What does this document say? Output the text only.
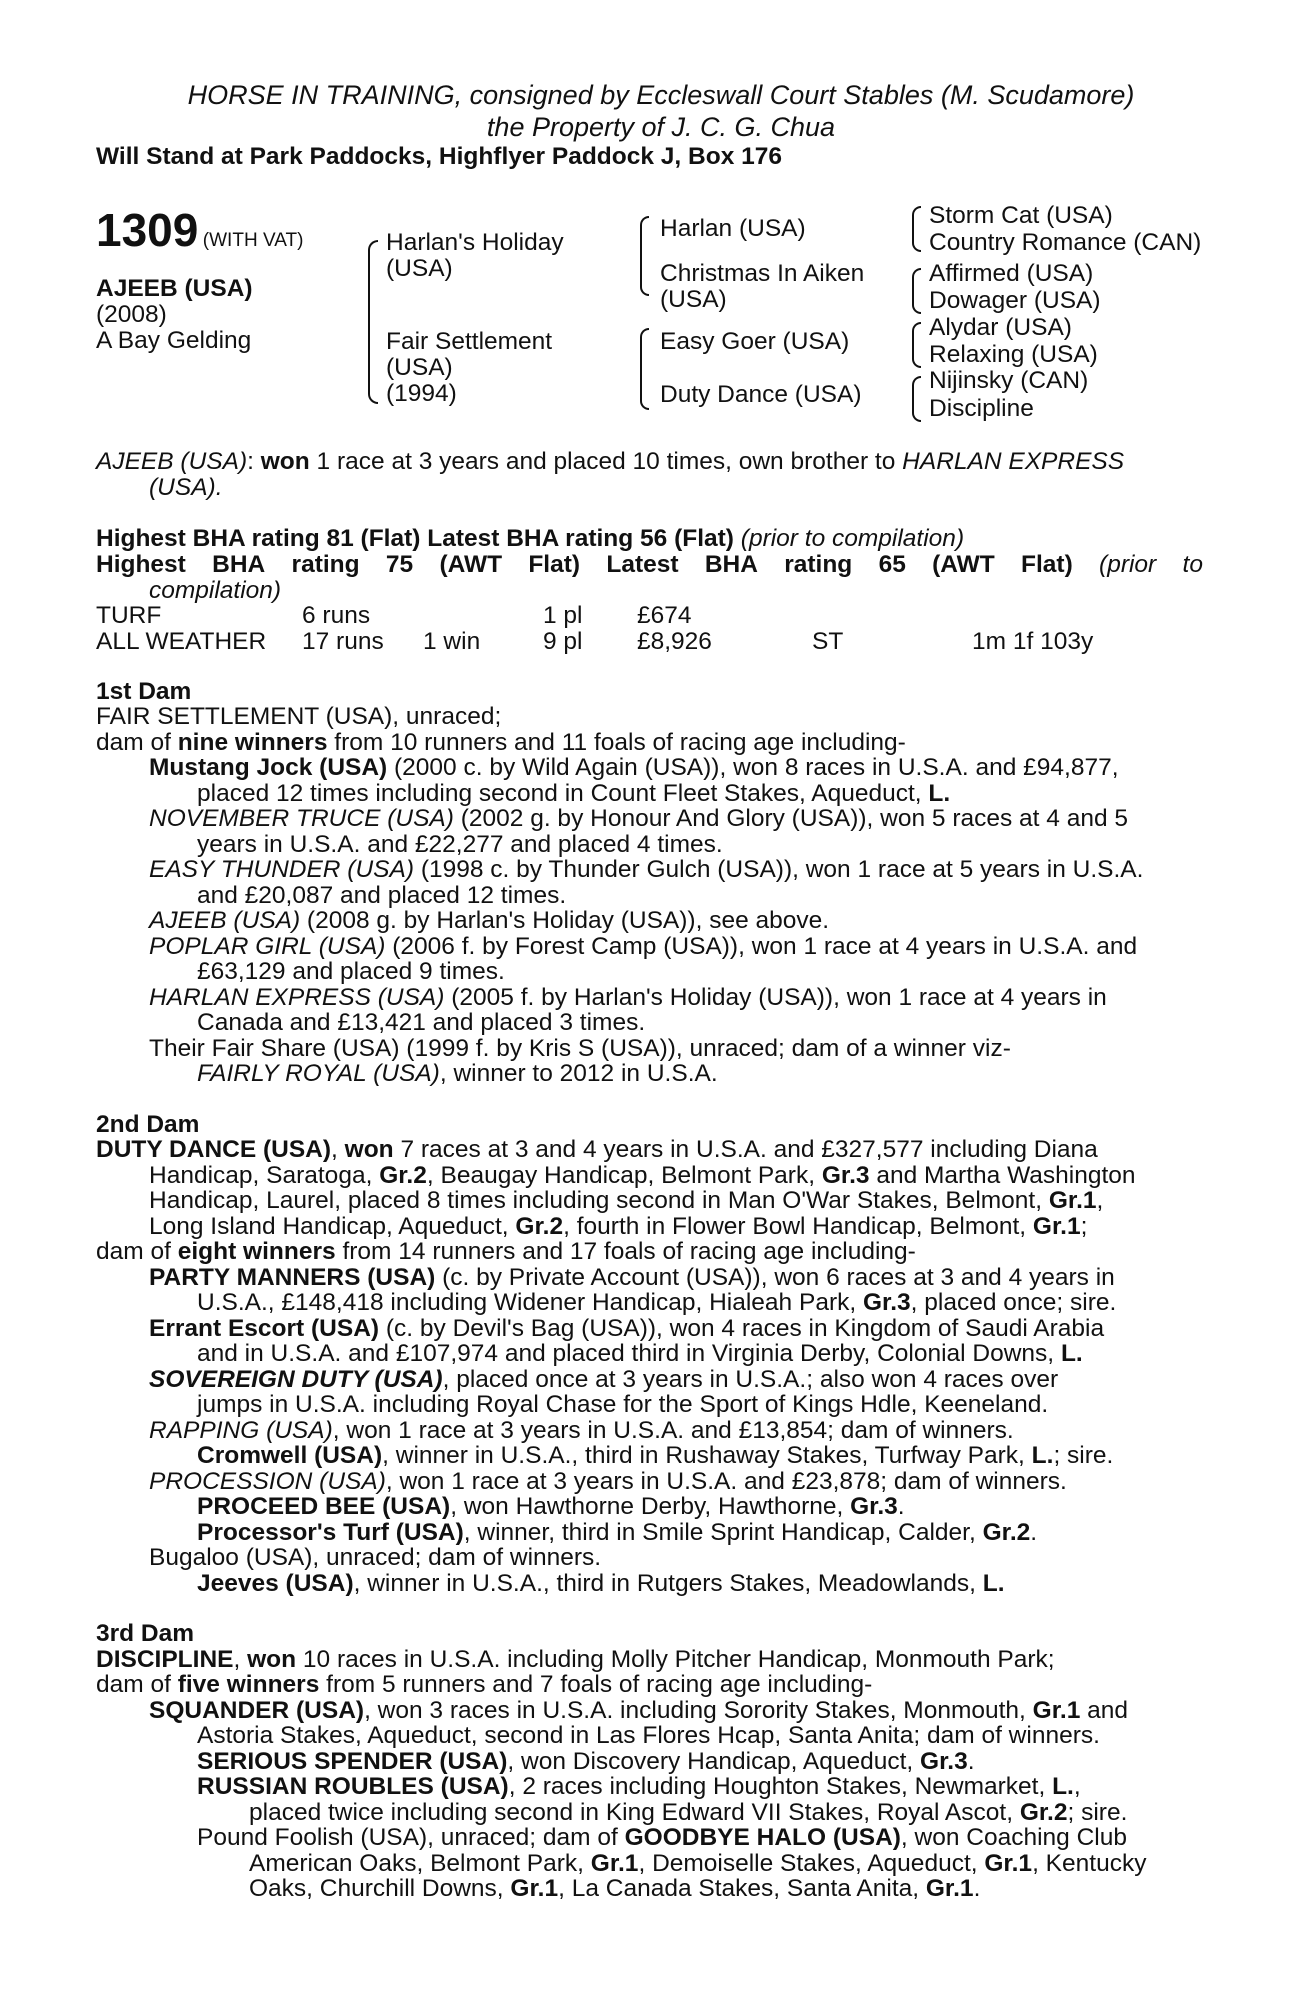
HORSE IN TRAINING, consigned by Eccleswall Court Stables (M. Scudamore)
the Property of J. C. G. Chua
Will Stand at Park Paddocks, Highflyer Paddock J, Box 176
1309 (WITH VAT)
AJEEB (USA)
(2008)
A Bay Gelding
Harlan's Holiday
(USA)
Fair Settlement
(USA)
(1994)
Harlan (USA)
Christmas In Aiken
(USA)
Easy Goer (USA)
Duty Dance (USA)
Storm Cat (USA)
Country Romance (CAN)
Affirmed (USA)
Dowager (USA)
Alydar (USA)
Relaxing (USA)
Nijinsky (CAN)
Discipline
AJEEB (USA): won 1 race at 3 years and placed 10 times, own brother to HARLAN EXPRESS
(USA).
Highest BHA rating 81 (Flat) Latest BHA rating 56 (Flat) (prior to compilation)
Highest BHA rating 75 (AWT Flat) Latest BHA rating 65 (AWT Flat) (prior to
compilation)
TURF	6 runs	1 pl £674
ALL WEATHER 17 runs 1 win	9 pl £8,926	ST	1m 1f 103y
1st Dam
FAIR SETTLEMENT (USA), unraced;
dam of nine winners from 10 runners and 11 foals of racing age including-
Mustang Jock (USA) (2000 c. by Wild Again (USA)), won 8 races in U.S.A. and £94,877,
placed 12 times including second in Count Fleet Stakes, Aqueduct, L.
NOVEMBER TRUCE (USA) (2002 g. by Honour And Glory (USA)), won 5 races at 4 and 5
years in U.S.A. and £22,277 and placed 4 times.
EASY THUNDER (USA) (1998 c. by Thunder Gulch (USA)), won 1 race at 5 years in U.S.A.
and £20,087 and placed 12 times.
AJEEB (USA) (2008 g. by Harlan's Holiday (USA)), see above.
POPLAR GIRL (USA) (2006 f. by Forest Camp (USA)), won 1 race at 4 years in U.S.A. and
£63,129 and placed 9 times.
HARLAN EXPRESS (USA) (2005 f. by Harlan's Holiday (USA)), won 1 race at 4 years in
Canada and £13,421 and placed 3 times.
Their Fair Share (USA) (1999 f. by Kris S (USA)), unraced; dam of a winner viz-
FAIRLY ROYAL (USA), winner to 2012 in U.S.A.
2nd Dam
DUTY DANCE (USA), won 7 races at 3 and 4 years in U.S.A. and £327,577 including Diana
Handicap, Saratoga, Gr.2, Beaugay Handicap, Belmont Park, Gr.3 and Martha Washington
Handicap, Laurel, placed 8 times including second in Man O'War Stakes, Belmont, Gr.1,
Long Island Handicap, Aqueduct, Gr.2, fourth in Flower Bowl Handicap, Belmont, Gr.1;
dam of eight winners from 14 runners and 17 foals of racing age including-
PARTY MANNERS (USA) (c. by Private Account (USA)), won 6 races at 3 and 4 years in
U.S.A., £148,418 including Widener Handicap, Hialeah Park, Gr.3, placed once; sire.
Errant Escort (USA) (c. by Devil's Bag (USA)), won 4 races in Kingdom of Saudi Arabia
and in U.S.A. and £107,974 and placed third in Virginia Derby, Colonial Downs, L.
SOVEREIGN DUTY (USA), placed once at 3 years in U.S.A.; also won 4 races over
jumps in U.S.A. including Royal Chase for the Sport of Kings Hdle, Keeneland.
RAPPING (USA), won 1 race at 3 years in U.S.A. and £13,854; dam of winners.
Cromwell (USA), winner in U.S.A., third in Rushaway Stakes, Turfway Park, L.; sire.
PROCESSION (USA), won 1 race at 3 years in U.S.A. and £23,878; dam of winners.
PROCEED BEE (USA), won Hawthorne Derby, Hawthorne, Gr.3.
Processor's Turf (USA), winner, third in Smile Sprint Handicap, Calder, Gr.2.
Bugaloo (USA), unraced; dam of winners.
Jeeves (USA), winner in U.S.A., third in Rutgers Stakes, Meadowlands, L.
3rd Dam
DISCIPLINE, won 10 races in U.S.A. including Molly Pitcher Handicap, Monmouth Park;
dam of five winners from 5 runners and 7 foals of racing age including-
SQUANDER (USA), won 3 races in U.S.A. including Sorority Stakes, Monmouth, Gr.1 and
Astoria Stakes, Aqueduct, second in Las Flores Hcap, Santa Anita; dam of winners.
SERIOUS SPENDER (USA), won Discovery Handicap, Aqueduct, Gr.3.
RUSSIAN ROUBLES (USA), 2 races including Houghton Stakes, Newmarket, L.,
placed twice including second in King Edward VII Stakes, Royal Ascot, Gr.2; sire.
Pound Foolish (USA), unraced; dam of GOODBYE HALO (USA), won Coaching Club
American Oaks, Belmont Park, Gr.1, Demoiselle Stakes, Aqueduct, Gr.1, Kentucky
Oaks, Churchill Downs, Gr.1, La Canada Stakes, Santa Anita, Gr.1.
